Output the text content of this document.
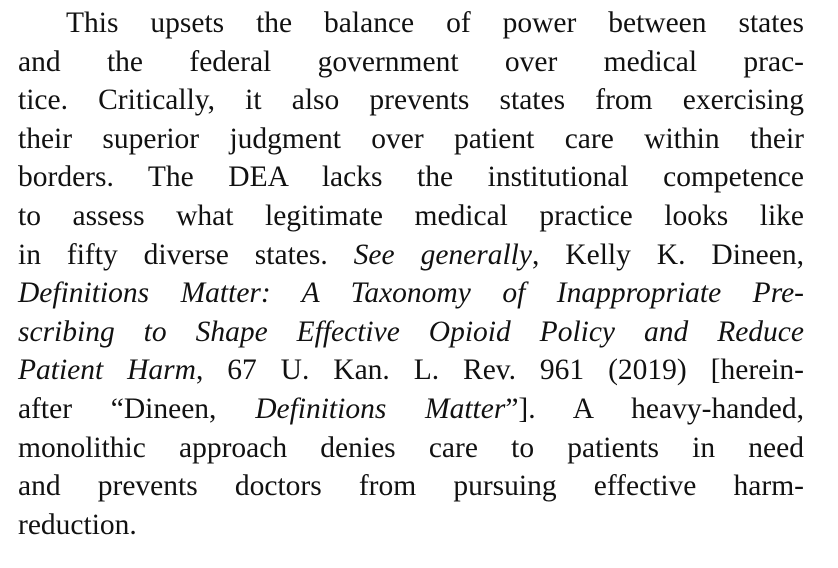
This upsets the balance of power between states
and the federal government over medical prac-
tice. Critically, it also prevents states from exercising
their superior judgment over patient care within their
borders. The DEA lacks the institutional competence
to assess what legitimate medical practice looks like
in fifty diverse states. See generally, Kelly K. Dineen,
Definitions Matter: A Taxonomy of Inappropriate Pre-
scribing to Shape Effective Opioid Policy and Reduce
Patient Harm, 67 U. Kan. L. Rev. 961 (2019) [herein-
after “Dineen, Definitions Matter”]. A heavy-handed,
monolithic approach denies care to patients in need
and prevents doctors from pursuing effective harm-
reduction.
